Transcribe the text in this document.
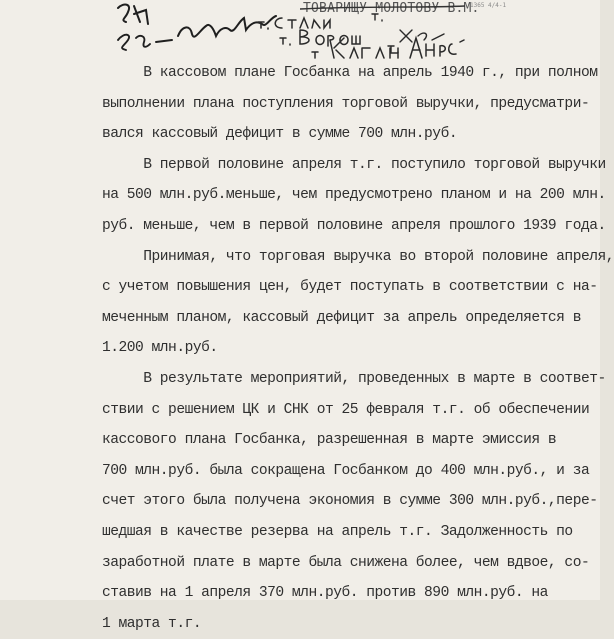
ТОВАРИЩУ МОЛОТОВУ В.М.
1365 4/4-1

В кассовом плане Госбанка на апрель 1940 г., при полном
выполнении плана поступления торговой выручки, предусматри-
вался кассовый дефицит в сумме 700 млн.руб.

В первой половине апреля т.г. поступило торговой выручки
на 500 млн.руб.меньше, чем предусмотрено планом и на 200 млн.
руб. меньше, чем в первой половине апреля прошлого 1939 года.

Принимая, что торговая выручка во второй половине апреля,
с учетом повышения цен, будет поступать в соответствии с на-
меченным планом, кассовый дефицит за апрель определяется в
1.200 млн.руб.

В результате мероприятий, проведенных в марте в соответ-
ствии с решением ЦК и СНК от 25 февраля т.г. об обеспечении
кассового плана Госбанка, разрешенная в марте эмиссия в
700 млн.руб. была сокращена Госбанком до 400 млн.руб., и за
счет этого была получена экономия в сумме 300 млн.руб.,пере-
шедшая в качестве резерва на апрель т.г. Задолженность по
заработной плате в марте была снижена более, чем вдвое, со-
ставив на 1 апреля 370 млн.руб. против 890 млн.руб. на
1 марта т.г.
